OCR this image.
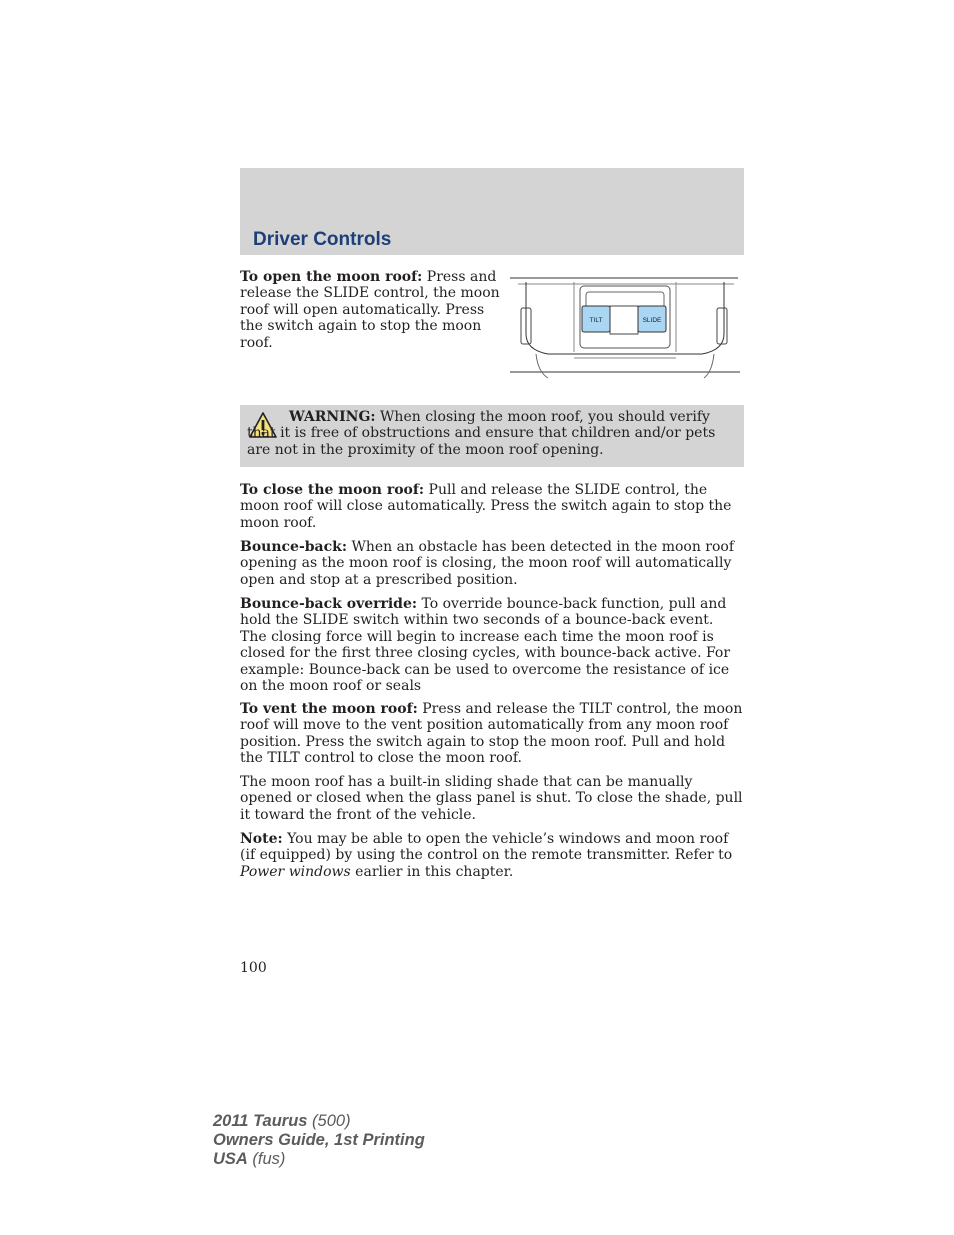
Driver Controls

To open the moon roof: Press and release the SLIDE control, the moon roof will open automatically. Press the switch again to stop the moon roof.

TILT	SLIDE

WARNING: When closing the moon roof, you should verify that it is free of obstructions and ensure that children and/or pets are not in the proximity of the moon roof opening.

To close the moon roof: Pull and release the SLIDE control, the moon roof will close automatically. Press the switch again to stop the moon roof.

Bounce-back: When an obstacle has been detected in the moon roof opening as the moon roof is closing, the moon roof will automatically open and stop at a prescribed position.

Bounce-back override: To override bounce-back function, pull and hold the SLIDE switch within two seconds of a bounce-back event. The closing force will begin to increase each time the moon roof is closed for the first three closing cycles, with bounce-back active. For example: Bounce-back can be used to overcome the resistance of ice on the moon roof or seals

To vent the moon roof: Press and release the TILT control, the moon roof will move to the vent position automatically from any moon roof position. Press the switch again to stop the moon roof. Pull and hold the TILT control to close the moon roof.

The moon roof has a built-in sliding shade that can be manually opened or closed when the glass panel is shut. To close the shade, pull it toward the front of the vehicle.

Note: You may be able to open the vehicle’s windows and moon roof (if equipped) by using the control on the remote transmitter. Refer to Power windows earlier in this chapter.

100

2011 Taurus (500)
Owners Guide, 1st Printing
USA (fus)
